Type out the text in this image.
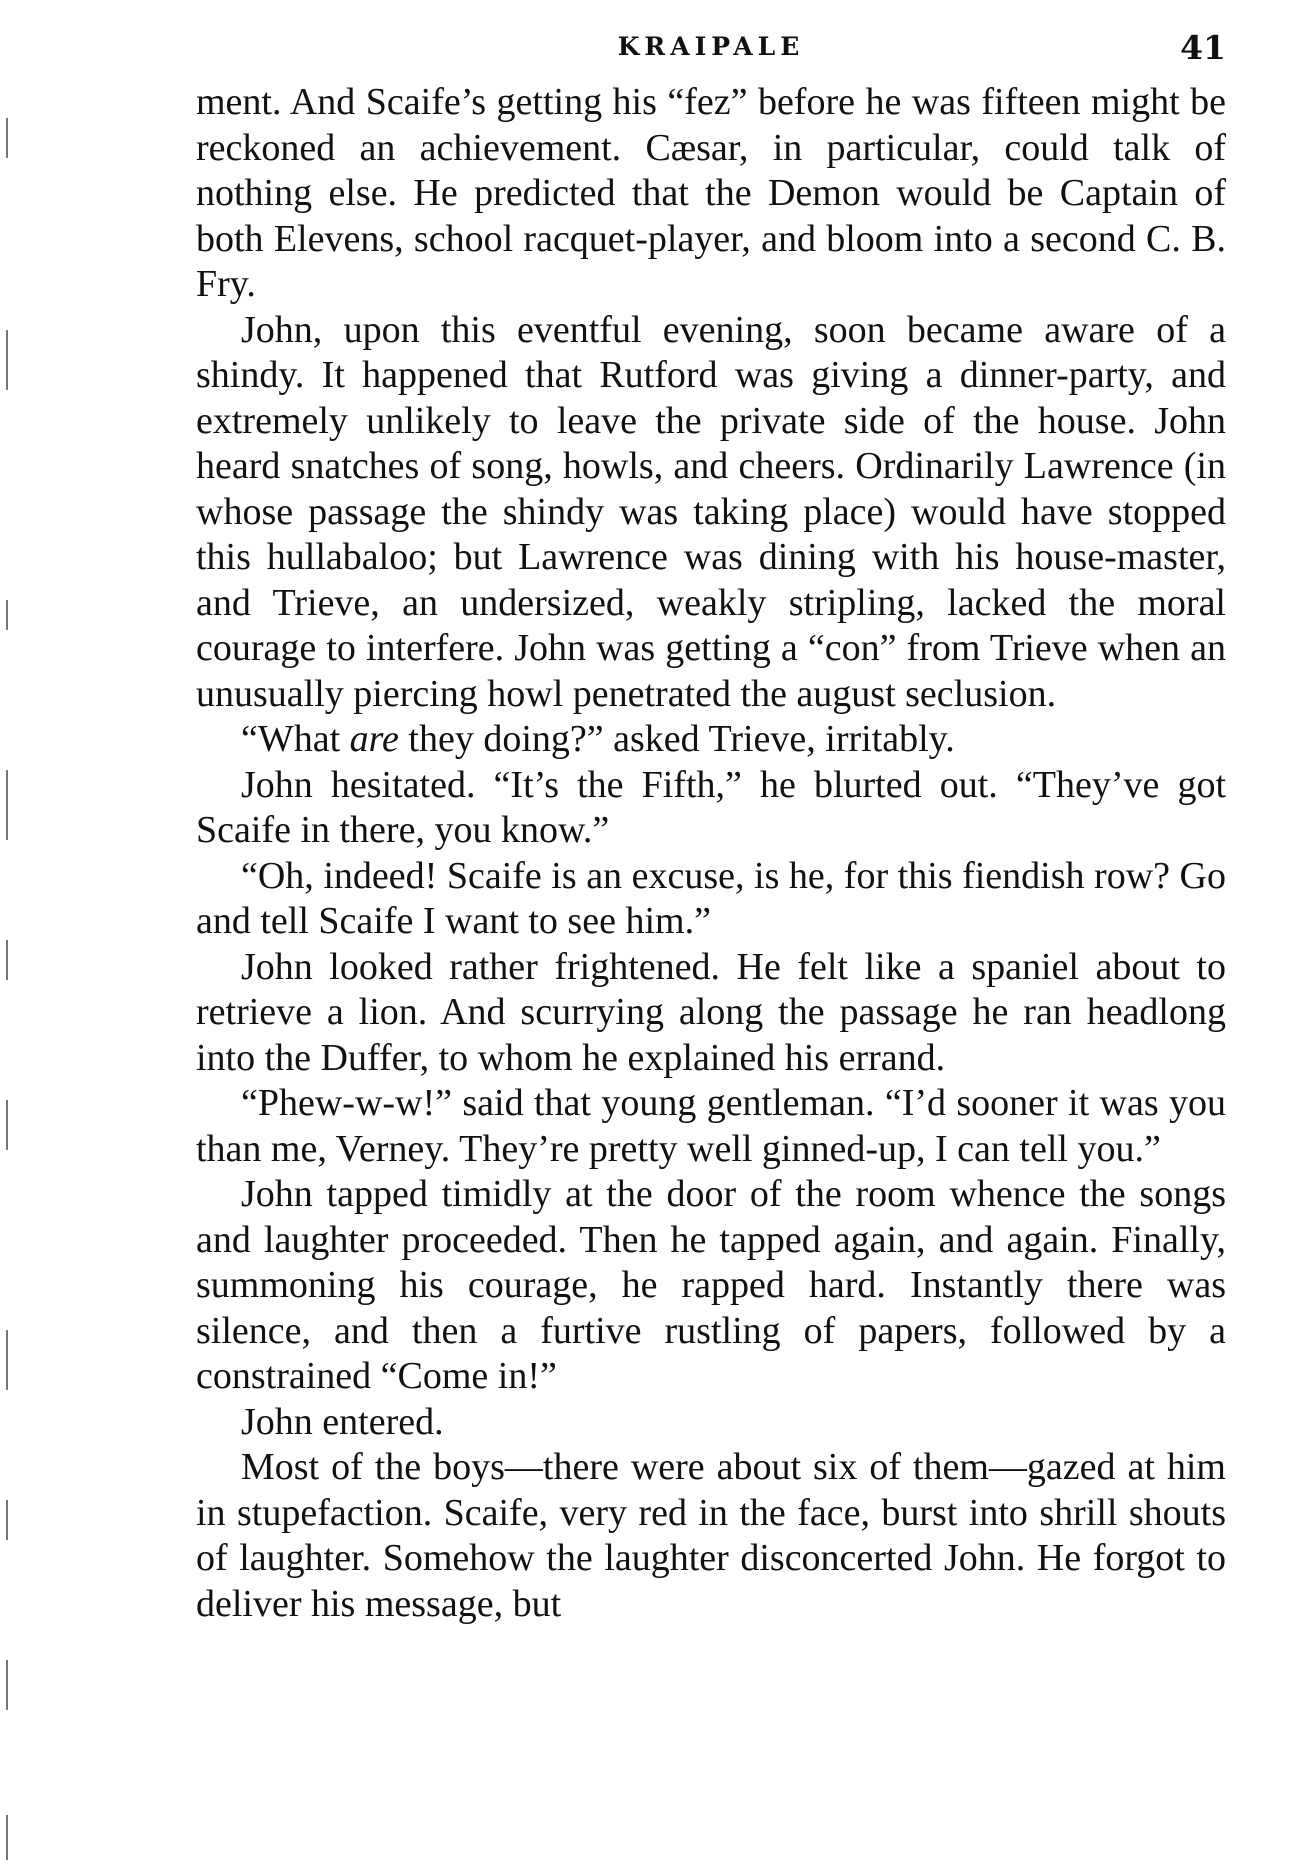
KRAIPALE	41

ment. And Scaife’s getting his “fez” before he was fifteen might be reckoned an achievement. Cæsar, in particular, could talk of nothing else. He predicted that the Demon would be Captain of both Elevens, school racquet-player, and bloom into a second C. B. Fry.

John, upon this eventful evening, soon became aware of a shindy. It happened that Rutford was giving a dinner-party, and extremely unlikely to leave the private side of the house. John heard snatches of song, howls, and cheers. Ordinarily Lawrence (in whose passage the shindy was taking place) would have stopped this hullabaloo; but Lawrence was dining with his house-master, and Trieve, an undersized, weakly stripling, lacked the moral courage to interfere. John was getting a “con” from Trieve when an unusually piercing howl penetrated the august seclusion.

“What are they doing?” asked Trieve, irritably.

John hesitated. “It’s the Fifth,” he blurted out. “They’ve got Scaife in there, you know.”

“Oh, indeed! Scaife is an excuse, is he, for this fiendish row? Go and tell Scaife I want to see him.”

John looked rather frightened. He felt like a spaniel about to retrieve a lion. And scurrying along the passage he ran headlong into the Duffer, to whom he explained his errand.

“Phew-w-w!” said that young gentleman. “I’d sooner it was you than me, Verney. They’re pretty well ginned-up, I can tell you.”

John tapped timidly at the door of the room whence the songs and laughter proceeded. Then he tapped again, and again. Finally, summoning his courage, he rapped hard. Instantly there was silence, and then a furtive rustling of papers, followed by a constrained “Come in!”

John entered.

Most of the boys—there were about six of them—gazed at him in stupefaction. Scaife, very red in the face, burst into shrill shouts of laughter. Somehow the laughter disconcerted John. He forgot to deliver his message, but
